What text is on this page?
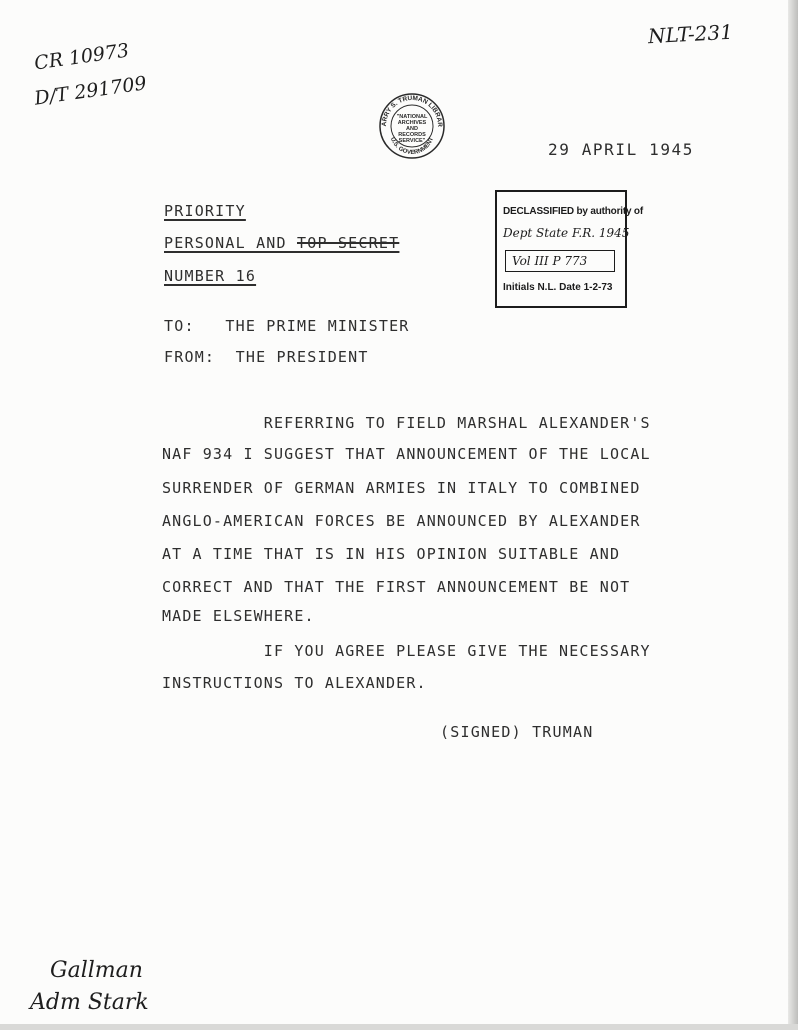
NLT-231
CR 10973
D/T 291709
ARRY S. TRUMAN LIBRAR
U.S. GOVERNMENT
"NATIONAL ARCHIVES AND RECORDS SERVICE"	29 APRIL 1945
DECLASSIFIED by authority of
Dept State F.R. 1945
Vol III P 773
Initials N.L. Date 1-2-73
PRIORITY
PERSONAL AND TOP SECRET
NUMBER 16
TO:   THE PRIME MINISTER
FROM:  THE PRESIDENT
REFERRING TO FIELD MARSHAL ALEXANDER'S
NAF 934 I SUGGEST THAT ANNOUNCEMENT OF THE LOCAL
SURRENDER OF GERMAN ARMIES IN ITALY TO COMBINED
ANGLO-AMERICAN FORCES BE ANNOUNCED BY ALEXANDER
AT A TIME THAT IS IN HIS OPINION SUITABLE AND
CORRECT AND THAT THE FIRST ANNOUNCEMENT BE NOT
MADE ELSEWHERE.
IF YOU AGREE PLEASE GIVE THE NECESSARY
INSTRUCTIONS TO ALEXANDER.
(SIGNED) TRUMAN
Gallman
Adm Stark
